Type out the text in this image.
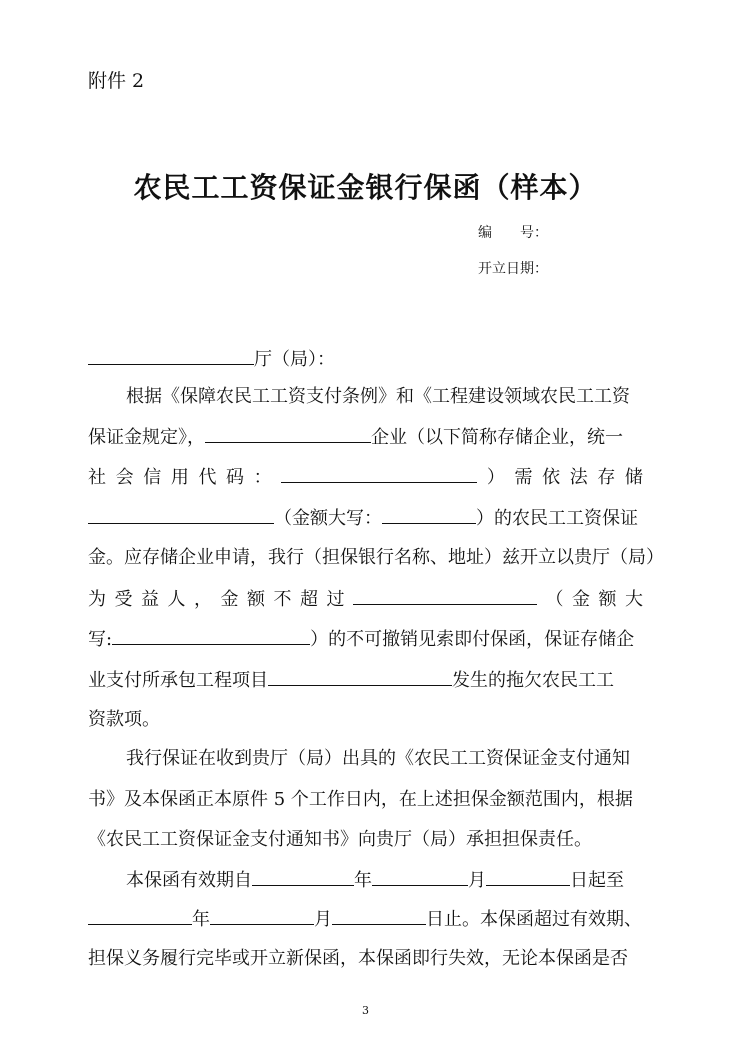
附件 2
农民工工资保证金银行保函（样本）
编　　号：
开立日期：
厅（局）：
根据《保障农民工工资支付条例》和《工程建设领域农民工工资
保证金规定》，	企业（以下简称存储企业，统一
社 会 信 用 代 码 ：	） 需 依 法 存 储
（金额大写：	）的农民工工资保证
金。应存储企业申请，我行（担保银行名称、地址）兹开立以贵厅（局）
为 受 益 人 ， 金 额 不 超 过	（ 金 额 大
写:	）的不可撤销见索即付保函，保证存储企
业支付所承包工程项目	发生的拖欠农民工工
资款项。
我行保证在收到贵厅（局）出具的《农民工工资保证金支付通知
书》及本保函正本原件 5 个工作日内，在上述担保金额范围内，根据
《农民工工资保证金支付通知书》向贵厅（局）承担担保责任。
本保函有效期自	年	月	日起至
年	月	日止。本保函超过有效期、
担保义务履行完毕或开立新保函，本保函即行失效，无论本保函是否
3
